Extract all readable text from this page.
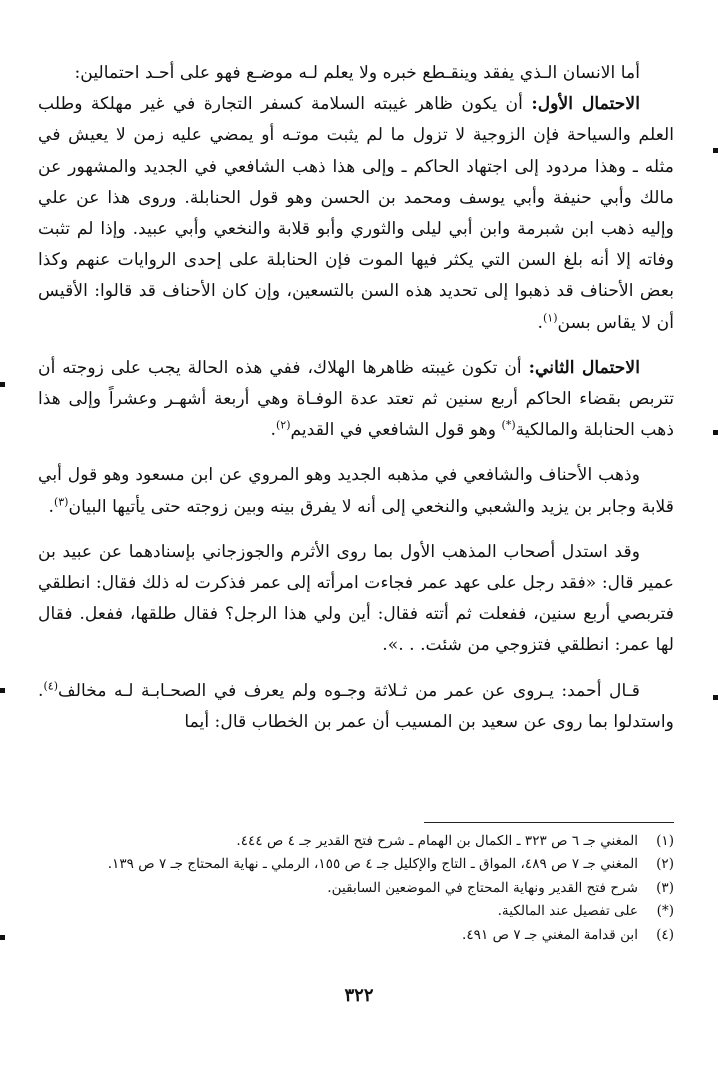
أما الانسان الـذي يفقد وينقـطع خبره ولا يعلم لـه موضـع فهو على أحـد احتمالين:

الاحتمال الأول: أن يكون ظاهر غيبته السلامة كسفر التجارة في غير مهلكة وطلب العلم والسياحة فإن الزوجية لا تزول ما لم يثبت موتـه أو يمضي عليه زمن لا يعيش في مثله ـ وهذا مردود إلى اجتهاد الحاكم ـ وإلى هذا ذهب الشافعي في الجديد والمشهور عن مالك وأبي حنيفة وأبي يوسف ومحمد بن الحسن وهو قول الحنابلة. وروى هذا عن علي وإليه ذهب ابن شبرمة وابن أبي ليلى والثوري وأبو قلابة والنخعي وأبي عبيد. وإذا لم تثبت وفاته إلا أنه بلغ السن التي يكثر فيها الموت فإن الحنابلة على إحدى الروايات عنهم وكذا بعض الأحناف قد ذهبوا إلى تحديد هذه السن بالتسعين، وإن كان الأحناف قد قالوا: الأقيس أن لا يقاس بسن$^{(١)}$.

الاحتمال الثاني: أن تكون غيبته ظاهرها الهلاك، ففي هذه الحالة يجب على زوجته أن تتربص بقضاء الحاكم أربع سنين ثم تعتد عدة الوفـاة وهي أربعة أشهـر وعشراً وإلى هذا ذهب الحنابلة والمالكية(*) وهو قول الشافعي في القديم$^{(٢)}$.

وذهب الأحناف والشافعي في مذهبه الجديد وهو المروي عن ابن مسعود وهو قول أبي قلابة وجابر بن يزيد والشعبي والنخعي إلى أنه لا يفرق بينه وبين زوجته حتى يأتيها البيان$^{(٣)}$.

وقد استدل أصحاب المذهب الأول بما روى الأثرم والجوزجاني بإسنادهما عن عبيد بن عمير قال: «فقد رجل على عهد عمر فجاءت امرأته إلى عمر فذكرت له ذلك فقال: انطلقي فتربصي أربع سنين، ففعلت ثم أتته فقال: أين ولي هذا الرجل؟ فقال طلقها، ففعل. فقال لها عمر: انطلقي فتزوجي من شئت. . .».

قـال أحمد: يـروى عن عمر من ثـلاثة وجـوه ولم يعرف في الصحـابـة لـه مخالف$^{(٤)}$. واستدلوا بما روى عن سعيد بن المسيب أن عمر بن الخطاب قال: أيما

(١)
المغني جـ ٦ ص ٣٢٣ ـ الكمال بن الهمام ـ شرح فتح القدير جـ ٤ ص ٤٤٤.
(٢)
المغني جـ ٧ ص ٤٨٩، المواق ـ التاج والإكليل جـ ٤ ص ١٥٥، الرملي ـ نهاية المحتاج جـ ٧ ص ١٣٩.
(٣)
شرح فتح القدير ونهاية المحتاج في الموضعين السابقين.
(*)
على تفصيل عند المالكية.
(٤)
ابن قدامة المغني جـ ٧ ص ٤٩١.
٣٢٢
